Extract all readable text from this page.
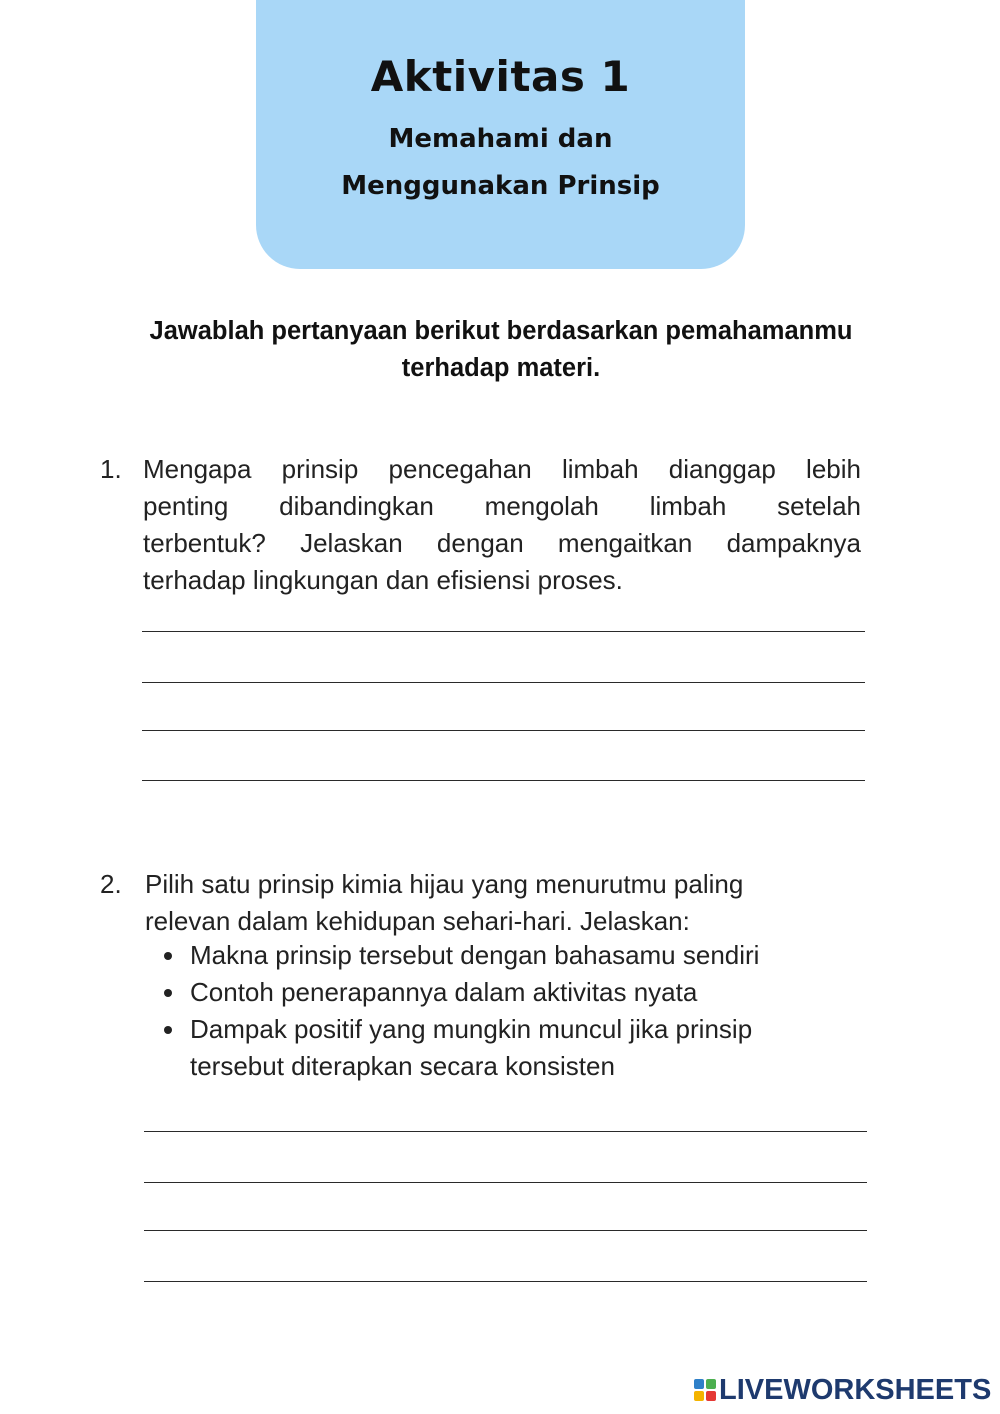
Aktivitas 1
Memahami dan
Menggunakan Prinsip
Jawablah pertanyaan berikut berdasarkan pemahamanmu
terhadap materi.
1. Mengapa prinsip pencegahan limbah dianggap lebih
penting dibandingkan mengolah limbah setelah
terbentuk? Jelaskan dengan mengaitkan dampaknya
terhadap lingkungan dan efisiensi proses.
2. Pilih satu prinsip kimia hijau yang menurutmu paling
relevan dalam kehidupan sehari-hari. Jelaskan:
Makna prinsip tersebut dengan bahasamu sendiri
Contoh penerapannya dalam aktivitas nyata
Dampak positif yang mungkin muncul jika prinsip
tersebut diterapkan secara konsisten
LIVEWORKSHEETS
